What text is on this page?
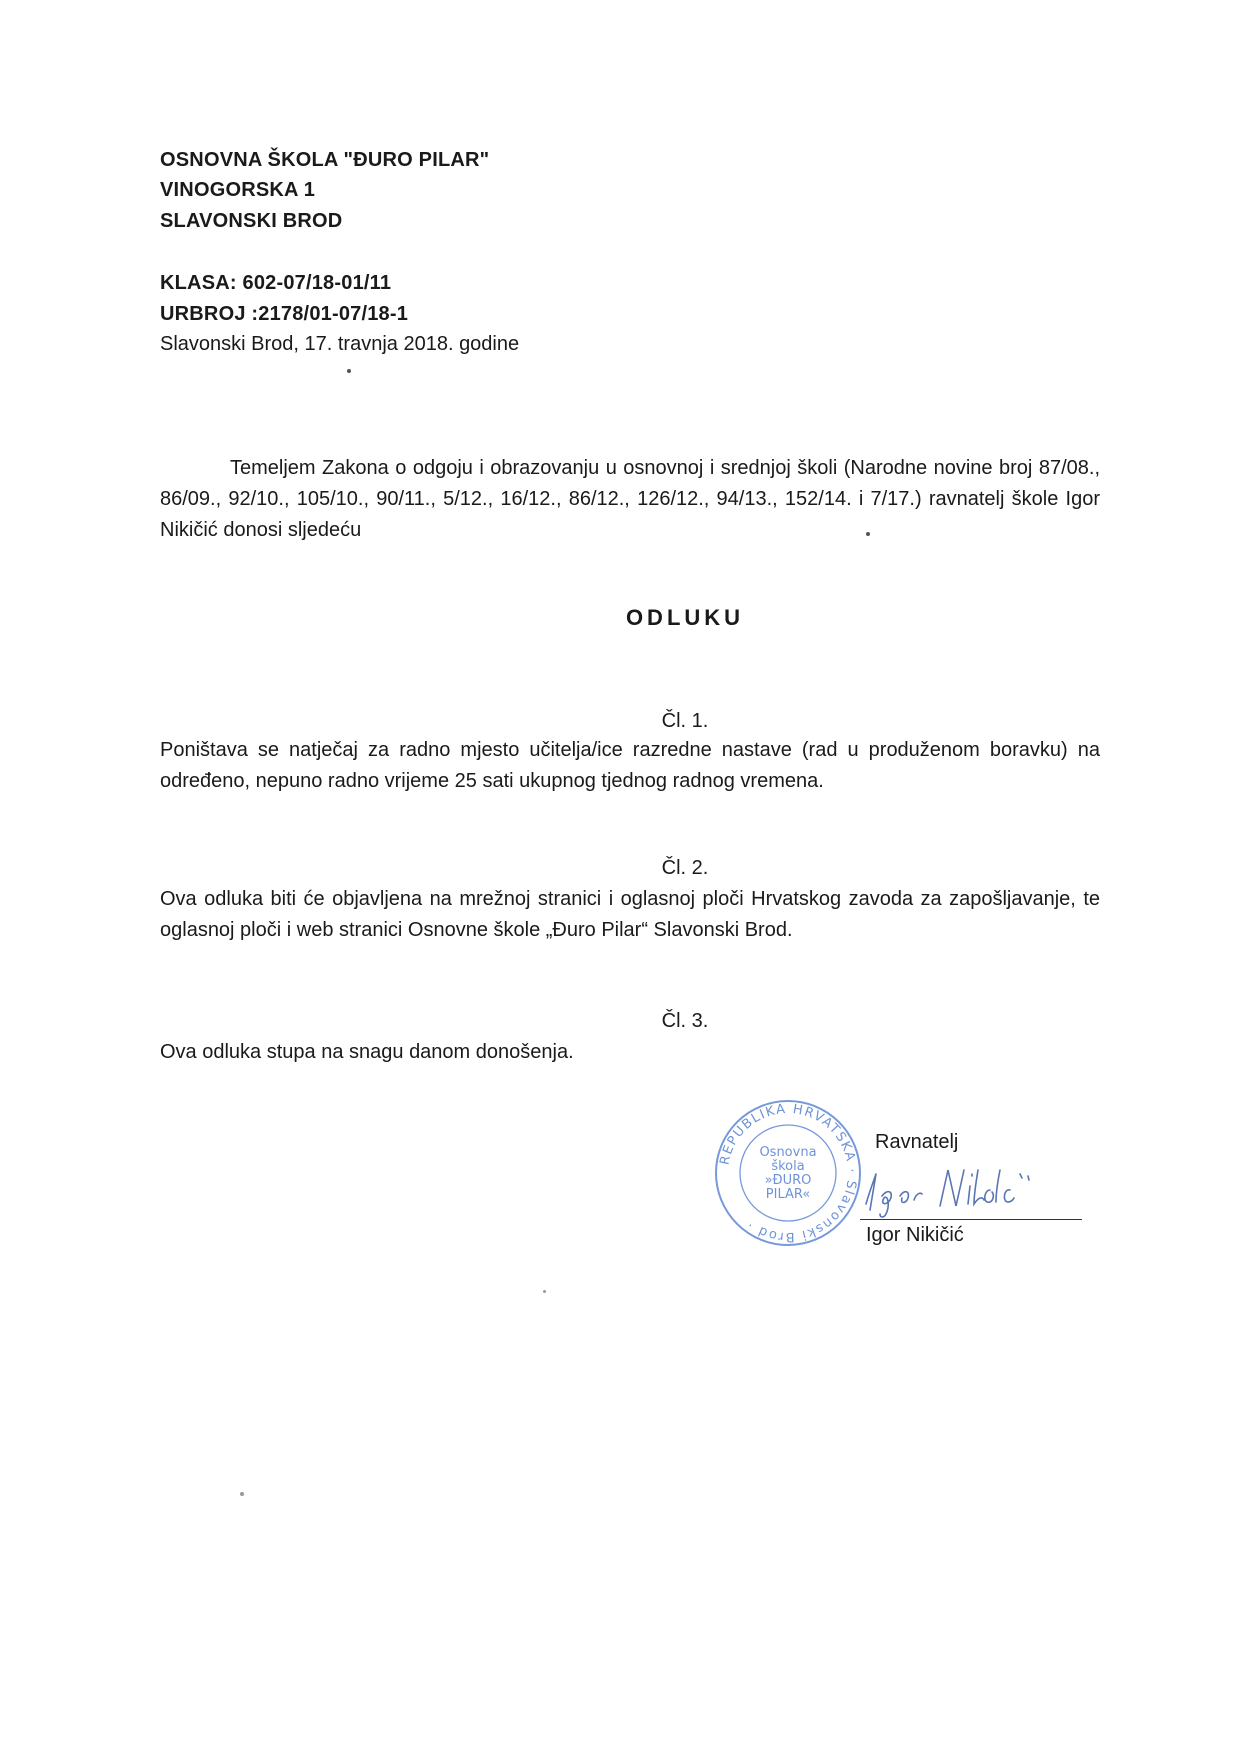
OSNOVNA ŠKOLA "ĐURO PILAR"
VINOGORSKA 1
SLAVONSKI BROD
KLASA: 602-07/18-01/11
URBROJ :2178/01-07/18-1
Slavonski Brod, 17. travnja 2018. godine
Temeljem Zakona o odgoju i obrazovanju u osnovnoj i srednjoj školi (Narodne novine broj 87/08., 86/09., 92/10., 105/10., 90/11., 5/12., 16/12., 86/12., 126/12., 94/13., 152/14. i 7/17.) ravnatelj škole Igor Nikičić donosi sljedeću
ODLUKU
Čl. 1.
Poništava se natječaj za radno mjesto učitelja/ice razredne nastave (rad u produženom boravku) na određeno, nepuno radno vrijeme 25 sati ukupnog tjednog radnog vremena.
Čl. 2.
Ova odluka biti će objavljena na mrežnoj stranici i oglasnoj ploči Hrvatskog zavoda za zapošljavanje, te oglasnoj ploči i web stranici Osnovne škole „Đuro Pilar“ Slavonski Brod.
Čl. 3.
Ova odluka stupa na snagu danom donošenja.
REPUBLIKA HRVATSKA · Slavonski Brod ·
Osnovna
škola
»ĐURO
PILAR«
Ravnatelj
Igor Nikičić
